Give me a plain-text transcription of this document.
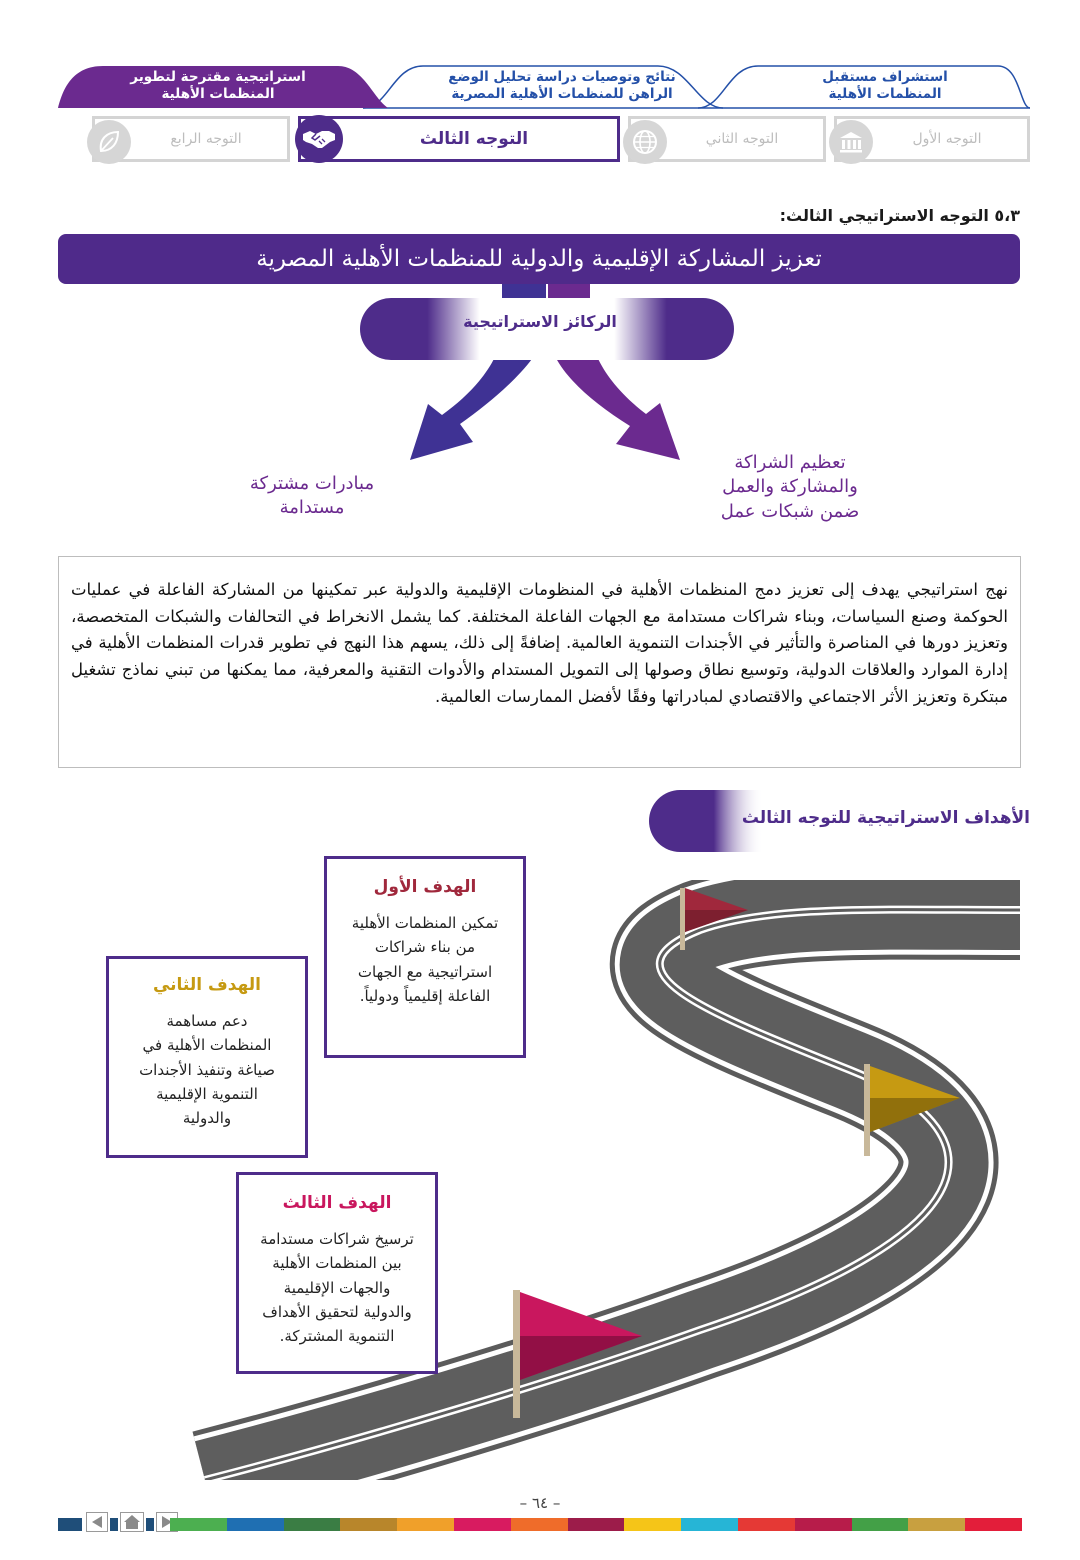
استشراف مستقبل
المنظمات الأهلية
نتائج وتوصيات دراسة تحليل الوضع
الراهن للمنظمات الأهلية المصرية
استراتيجية مقترحة لتطوير
المنظمات الأهلية
التوجه الأول
التوجه الثاني
التوجه الثالث
التوجه الرابع
٥،٣ التوجه الاستراتيجي الثالث:
تعزيز المشاركة الإقليمية والدولية للمنظمات الأهلية المصرية
الركائز الاستراتيجية
تعظيم الشراكة
والمشاركة والعمل
ضمن شبكات عمل
مبادرات مشتركة
مستدامة

نهج استراتيجي يهدف إلى تعزيز دمج المنظمات الأهلية في المنظومات الإقليمية والدولية عبر تمكينها من المشاركة الفاعلة في عمليات الحوكمة وصنع السياسات، وبناء شراكات مستدامة مع الجهات الفاعلة المختلفة. كما يشمل الانخراط في التحالفات والشبكات المتخصصة، وتعزيز دورها في المناصرة والتأثير في الأجندات التنموية العالمية. إضافةً إلى ذلك، يسهم هذا النهج في تطوير قدرات المنظمات الأهلية في إدارة الموارد والعلاقات الدولية، وتوسيع نطاق وصولها إلى التمويل المستدام والأدوات التقنية والمعرفية، مما يمكنها من تبني نماذج تشغيل مبتكرة وتعزيز الأثر الاجتماعي والاقتصادي لمبادراتها وفقًا لأفضل الممارسات العالمية.

الأهداف الاستراتيجية للتوجه الثالث
الهدف الأول
تمكين المنظمات الأهلية
من بناء شراكات
استراتيجية مع الجهات
الفاعلة إقليمياً ودولياً.
الهدف الثاني
دعم مساهمة
المنظمات الأهلية في
صياغة وتنفيذ الأجندات
التنموية الإقليمية
والدولية
الهدف الثالث
ترسيخ شراكات مستدامة
بين المنظمات الأهلية
والجهات الإقليمية
والدولية لتحقيق الأهداف
التنموية المشتركة.
– ٦٤ –
